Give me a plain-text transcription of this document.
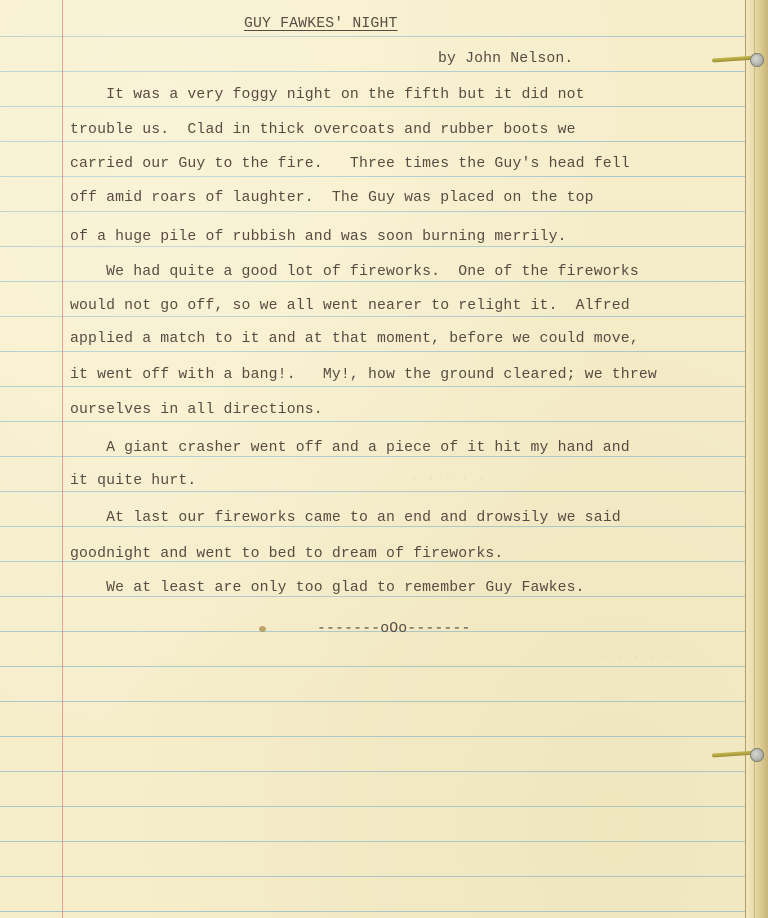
. . . . .
. . . . .
GUY FAWKES' NIGHT
by John Nelson.
It was a very foggy night on the fifth but it did not
trouble us.  Clad in thick overcoats and rubber boots we
carried our Guy to the fire.   Three times the Guy's head fell
off amid roars of laughter.  The Guy was placed on the top
of a huge pile of rubbish and was soon burning merrily.
We had quite a good lot of fireworks.  One of the fireworks
would not go off, so we all went nearer to relight it.  Alfred
applied a match to it and at that moment, before we could move,
it went off with a bang!.   My!, how the ground cleared; we threw
ourselves in all directions.
A giant crasher went off and a piece of it hit my hand and
it quite hurt.
At last our fireworks came to an end and drowsily we said
goodnight and went to bed to dream of fireworks.
We at least are only too glad to remember Guy Fawkes.
-------oOo-------
